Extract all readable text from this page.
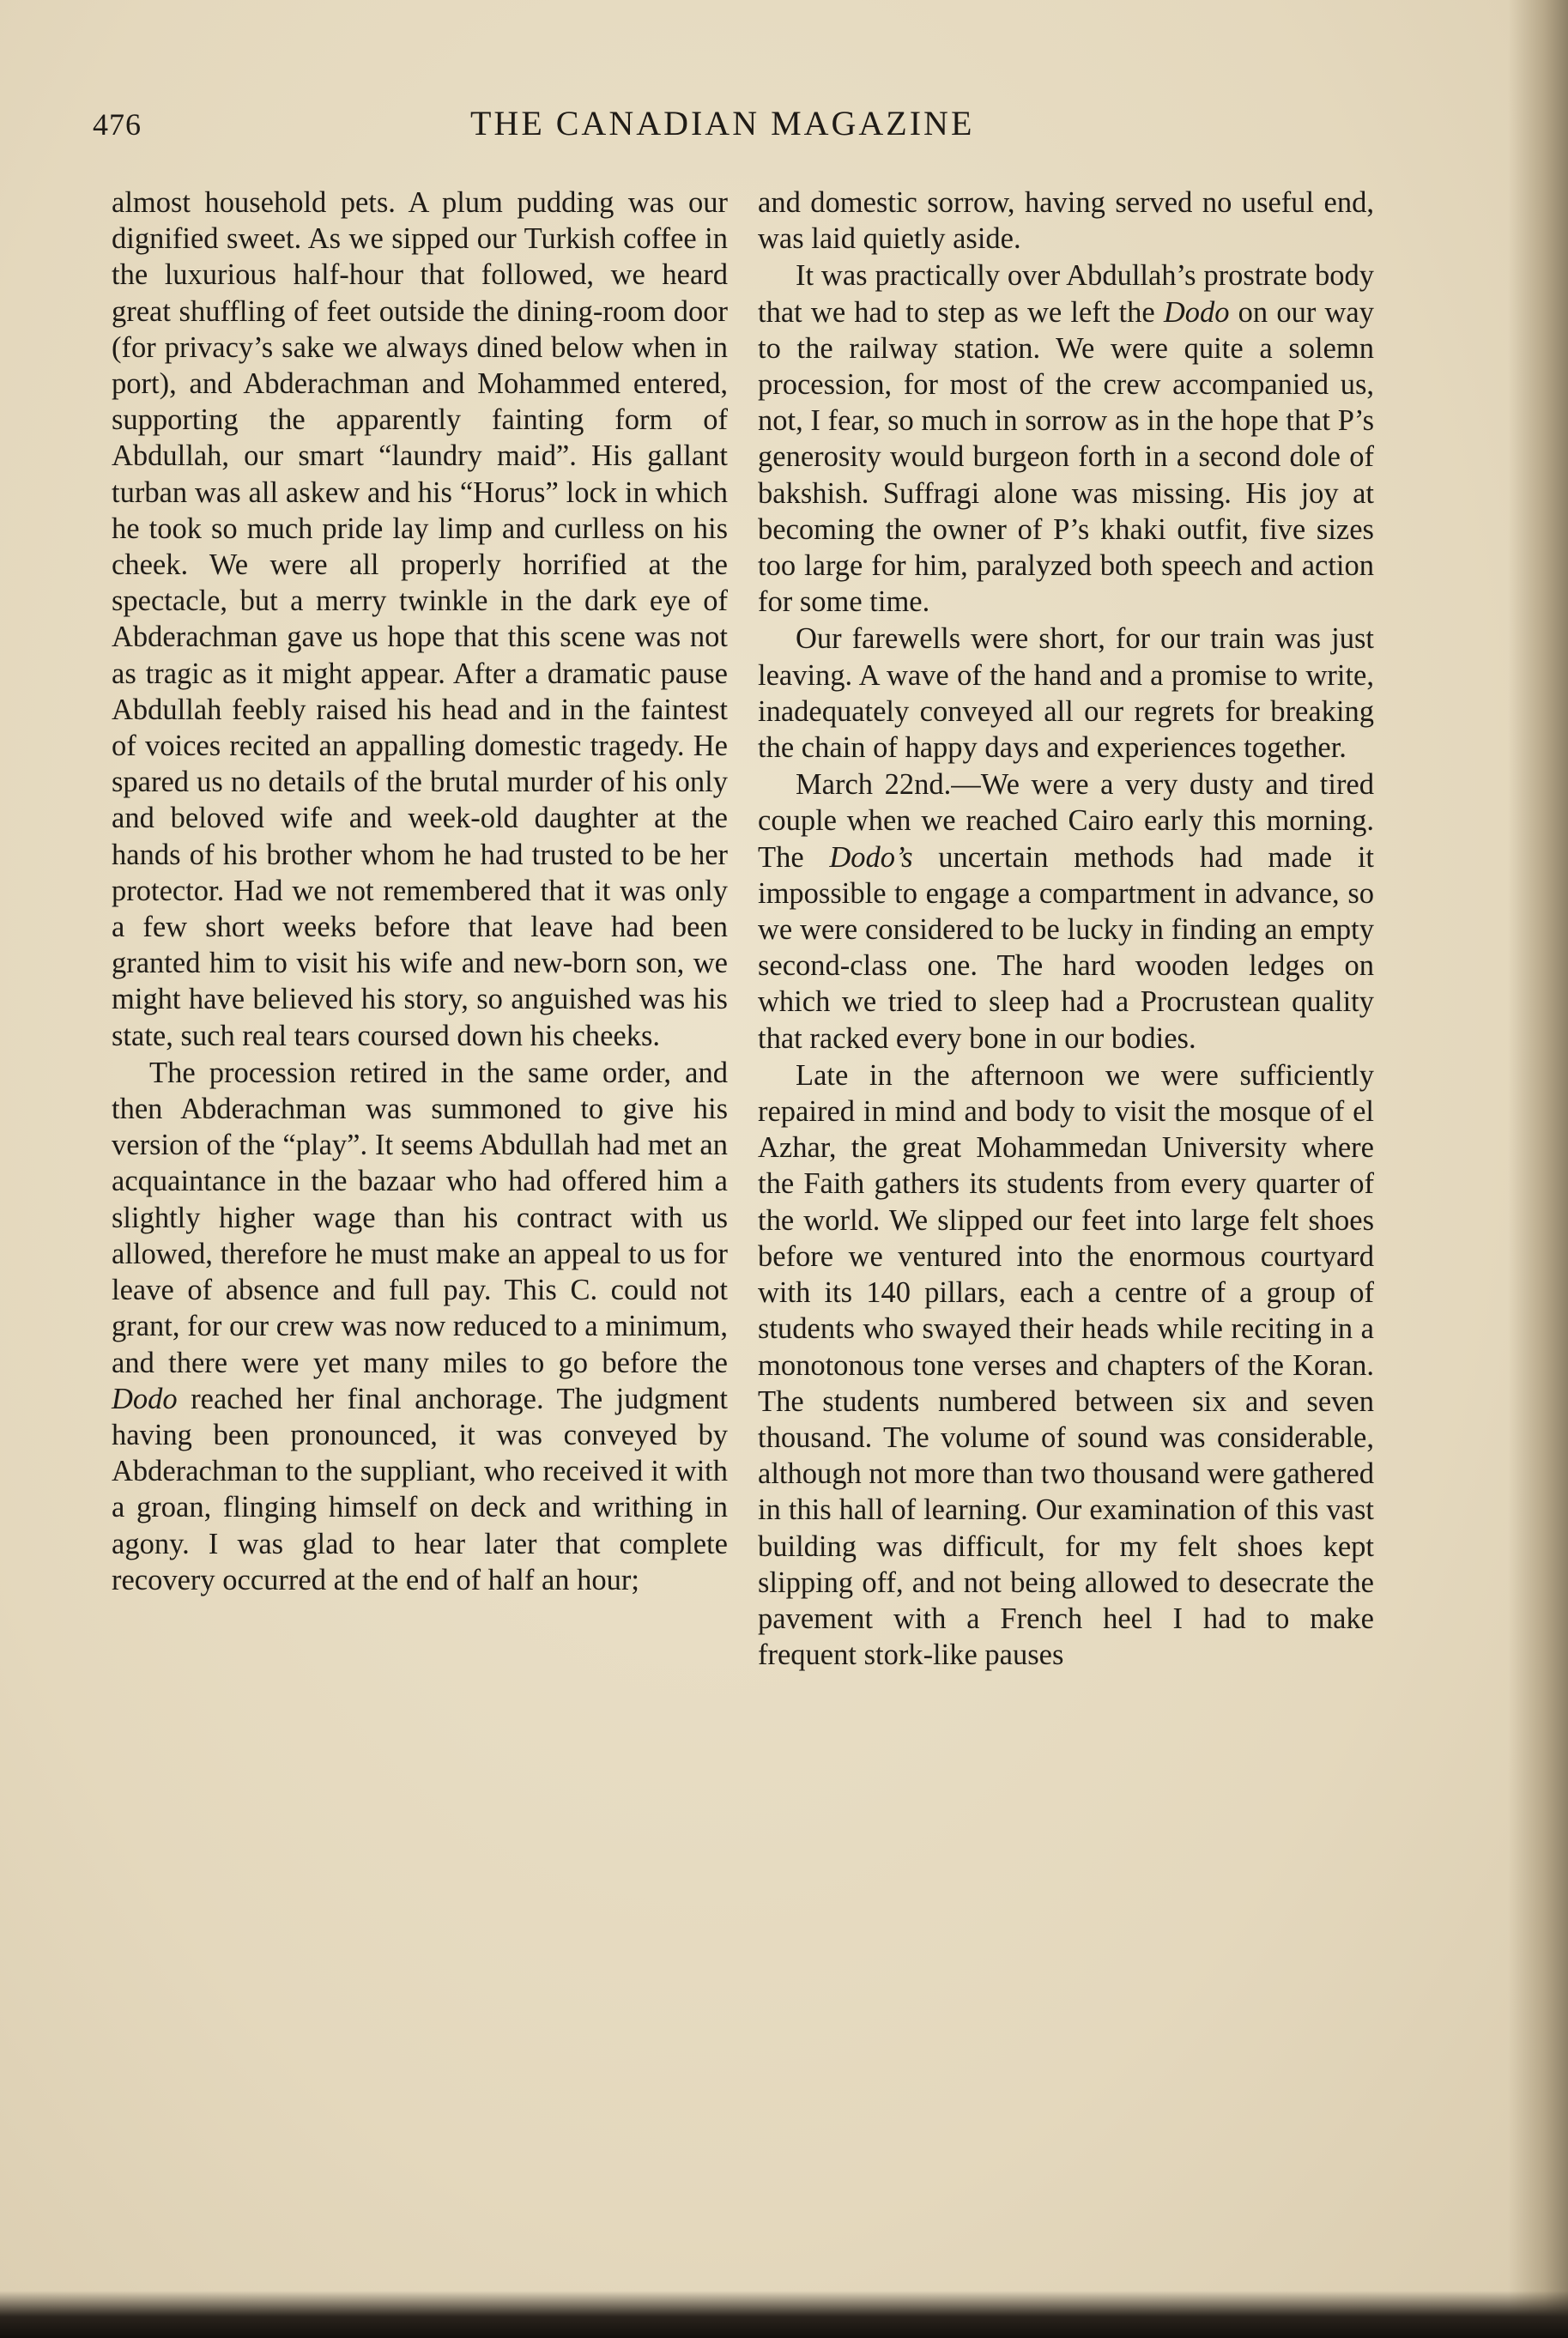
476	THE CANADIAN MAGAZINE

almost household pets. A plum pudding was our dignified sweet. As we sipped our Turkish coffee in the luxurious half-hour that followed, we heard great shuffling of feet outside the dining-room door (for privacy’s sake we always dined below when in port), and Abderachman and Mohammed entered, supporting the apparently fainting form of Abdullah, our smart “laundry maid”. His gallant turban was all askew and his “Horus” lock in which he took so much pride lay limp and curlless on his cheek. We were all properly horrified at the spectacle, but a merry twinkle in the dark eye of Abderachman gave us hope that this scene was not as tragic as it might appear. After a dramatic pause Abdullah feebly raised his head and in the faintest of voices recited an appalling domestic tragedy. He spared us no details of the brutal murder of his only and beloved wife and week-old daughter at the hands of his brother whom he had trusted to be her protector. Had we not remembered that it was only a few short weeks before that leave had been granted him to visit his wife and new-born son, we might have believed his story, so anguished was his state, such real tears coursed down his cheeks.

The procession retired in the same order, and then Abderachman was summoned to give his version of the “play”. It seems Abdullah had met an acquaintance in the bazaar who had offered him a slightly higher wage than his contract with us allowed, therefore he must make an appeal to us for leave of absence and full pay. This C. could not grant, for our crew was now reduced to a minimum, and there were yet many miles to go before the Dodo reached her final anchorage. The judgment having been pronounced, it was conveyed by Abderachman to the suppliant, who received it with a groan, flinging himself on deck and writhing in agony. I was glad to hear later that complete recovery occurred at the end of half an hour;

and domestic sorrow, having served no useful end, was laid quietly aside.

It was practically over Abdullah’s prostrate body that we had to step as we left the Dodo on our way to the railway station. We were quite a solemn procession, for most of the crew accompanied us, not, I fear, so much in sorrow as in the hope that P’s generosity would burgeon forth in a second dole of bakshish. Suffragi alone was missing. His joy at becoming the owner of P’s khaki outfit, five sizes too large for him, paralyzed both speech and action for some time.

Our farewells were short, for our train was just leaving. A wave of the hand and a promise to write, inadequately conveyed all our regrets for breaking the chain of happy days and experiences together.

March 22nd.—We were a very dusty and tired couple when we reached Cairo early this morning. The Dodo’s uncertain methods had made it impossible to engage a compartment in advance, so we were considered to be lucky in finding an empty second-class one. The hard wooden ledges on which we tried to sleep had a Procrustean quality that racked every bone in our bodies.

Late in the afternoon we were sufficiently repaired in mind and body to visit the mosque of el Azhar, the great Mohammedan University where the Faith gathers its students from every quarter of the world. We slipped our feet into large felt shoes before we ventured into the enormous courtyard with its 140 pillars, each a centre of a group of students who swayed their heads while reciting in a monotonous tone verses and chapters of the Koran. The students numbered between six and seven thousand. The volume of sound was considerable, although not more than two thousand were gathered in this hall of learning. Our examination of this vast building was difficult, for my felt shoes kept slipping off, and not being allowed to desecrate the pavement with a French heel I had to make frequent stork-like pauses
